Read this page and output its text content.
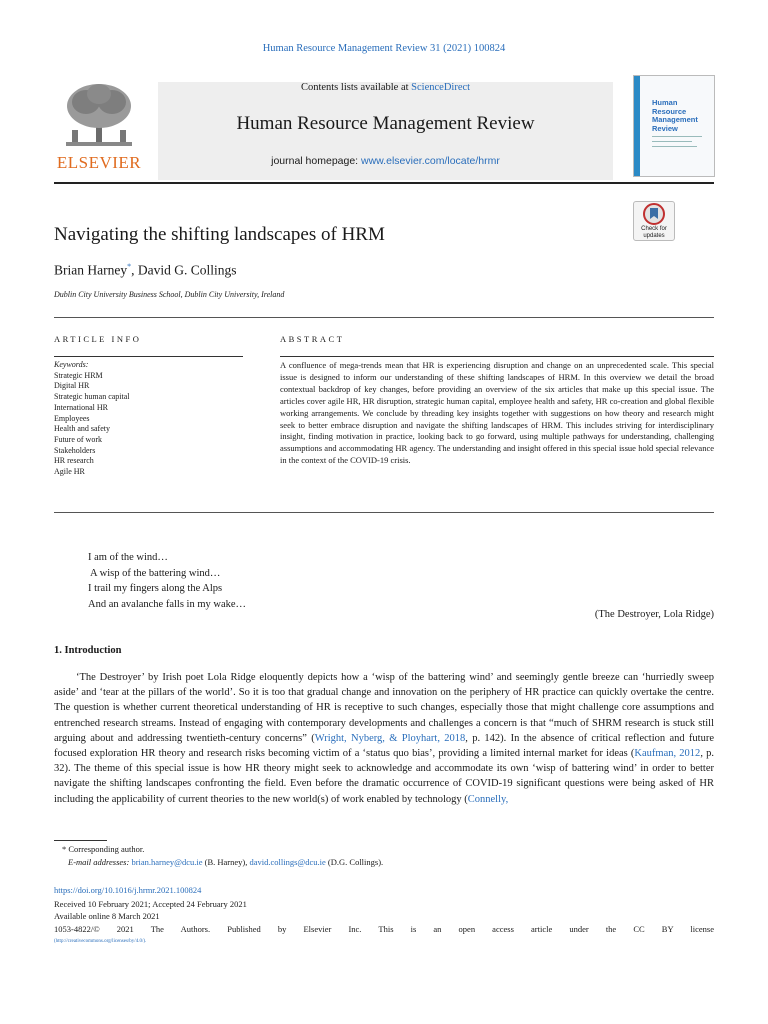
Human Resource Management Review 31 (2021) 100824
ELSEVIER
Contents lists available at ScienceDirect
Human Resource Management Review
journal homepage: www.elsevier.com/locate/hrmr
Human Resource Management Review
Check for updates
Navigating the shifting landscapes of HRM
Brian Harney*, David G. Collings
Dublin City University Business School, Dublin City University, Ireland
ARTICLE INFO	ABSTRACT
Keywords:
Strategic HRM
Digital HR
Strategic human capital
International HR
Employees
Health and safety
Future of work
Stakeholders
HR research
Agile HR
A confluence of mega-trends mean that HR is experiencing disruption and change on an unprecedented scale. This special issue is designed to inform our understanding of these shifting landscapes of HRM. In this overview we detail the broad contextual backdrop of key changes, before providing an overview of the six articles that make up this special issue. The articles cover agile HR, HR disruption, strategic human capital, employee health and safety, HR co-creation and global flexible working arrangements. We conclude by threading key insights together with suggestions on how theory and research might seek to better embrace disruption and navigate the shifting landscapes of HRM. This includes striving for interdisciplinary insight, finding motivation in practice, looking back to go forward, using multiple pathways for understanding, challenging assumptions and accommodating HR agency. The understanding and insight offered in this special issue hold special relevance in the context of the COVID-19 crisis.
I am of the wind…
A wisp of the battering wind…
I trail my fingers along the Alps
And an avalanche falls in my wake…
(The Destroyer, Lola Ridge)
1. Introduction

‘The Destroyer’ by Irish poet Lola Ridge eloquently depicts how a ‘wisp of the battering wind’ and seemingly gentle breeze can ‘hurriedly sweep aside’ and ‘tear at the pillars of the world’. So it is too that gradual change and innovation on the periphery of HR practice can quickly overtake the centre. The question is whether current theoretical understanding of HR is receptive to such changes, especially those that might challenge core assumptions and entrenched research streams. Instead of engaging with contemporary developments and challenges a concern is that “much of SHRM research is stuck still arguing about and addressing twentieth-century concerns” (Wright, Nyberg, & Ployhart, 2018, p. 142). In the absence of critical reflection and future focused exploration HR theory and research risks becoming victim of a ‘status quo bias’, providing a limited internal market for ideas (Kaufman, 2012, p. 32). The theme of this special issue is how HR theory might seek to acknowledge and accommodate its own ‘wisp of battering wind’ in order to better navigate the shifting landscapes confronting the field. Even before the dramatic occurrence of COVID-19 significant questions were being asked of HR including the applicability of current theories to the new world(s) of work enabled by technology (Connelly,

* Corresponding author.
E-mail addresses: brian.harney@dcu.ie (B. Harney), david.collings@dcu.ie (D.G. Collings).
https://doi.org/10.1016/j.hrmr.2021.100824
Received 10 February 2021; Accepted 24 February 2021
Available online 8 March 2021
1053-4822/© 2021 The Authors. Published by Elsevier Inc. This is an open access article under the CC BY license
(http://creativecommons.org/licenses/by/4.0/).
